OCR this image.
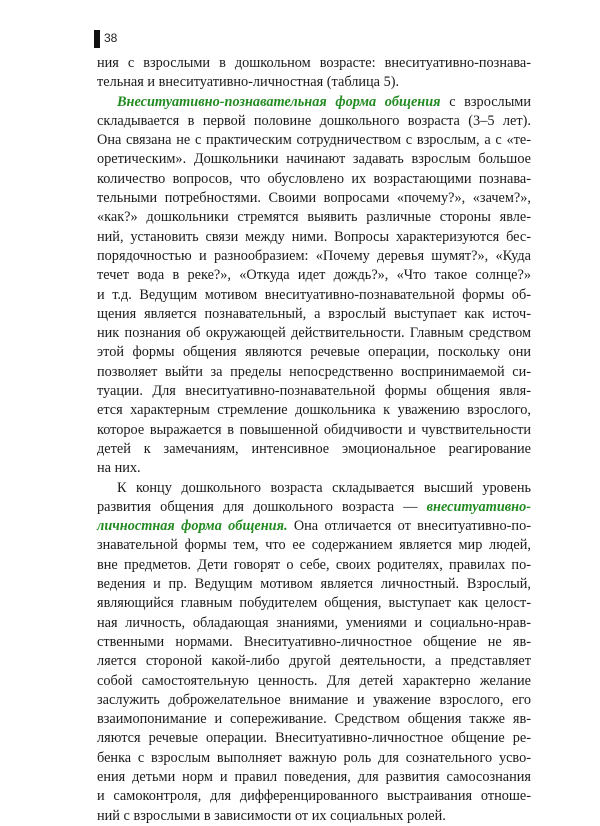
38
ния с взрослыми в дошкольном возрасте: внеситуативно-познава-
тельная и внеситуативно-личностная (таблица 5).
Внеситуативно-познавательная форма общения с взрослыми
складывается в первой половине дошкольного возраста (3–5 лет).
Она связана не с практическим сотрудничеством с взрослым, а с «те-
оретическим». Дошкольники начинают задавать взрослым большое
количество вопросов, что обусловлено их возрастающими познава-
тельными потребностями. Своими вопросами «почему?», «зачем?»,
«как?» дошкольники стремятся выявить различные стороны явле-
ний, установить связи между ними. Вопросы характеризуются бес-
порядочностью и разнообразием: «Почему деревья шумят?», «Куда
течет вода в реке?», «Откуда идет дождь?», «Что такое солнце?»
и т.д. Ведущим мотивом внеситуативно-познавательной формы об-
щения является познавательный, а взрослый выступает как источ-
ник познания об окружающей действительности. Главным средством
этой формы общения являются речевые операции, поскольку они
позволяет выйти за пределы непосредственно воспринимаемой си-
туации. Для внеситуативно-познавательной формы общения явля-
ется характерным стремление дошкольника к уважению взрослого,
которое выражается в повышенной обидчивости и чувствительности
детей к замечаниям, интенсивное эмоциональное реагирование
на них.
К концу дошкольного возраста складывается высший уровень
развития общения для дошкольного возраста — внеситуативно-
личностная форма общения. Она отличается от внеситуативно-по-
знавательной формы тем, что ее содержанием является мир людей,
вне предметов. Дети говорят о себе, своих родителях, правилах по-
ведения и пр. Ведущим мотивом является личностный. Взрослый,
являющийся главным побудителем общения, выступает как целост-
ная личность, обладающая знаниями, умениями и социально-нрав-
ственными нормами. Внеситуативно-личностное общение не яв-
ляется стороной какой-либо другой деятельности, а представляет
собой самостоятельную ценность. Для детей характерно желание
заслужить доброжелательное внимание и уважение взрослого, его
взаимопонимание и сопереживание. Средством общения также яв-
ляются речевые операции. Внеситуативно-личностное общение ре-
бенка с взрослым выполняет важную роль для сознательного усво-
ения детьми норм и правил поведения, для развития самосознания
и самоконтроля, для дифференцированного выстраивания отноше-
ний с взрослыми в зависимости от их социальных ролей.
